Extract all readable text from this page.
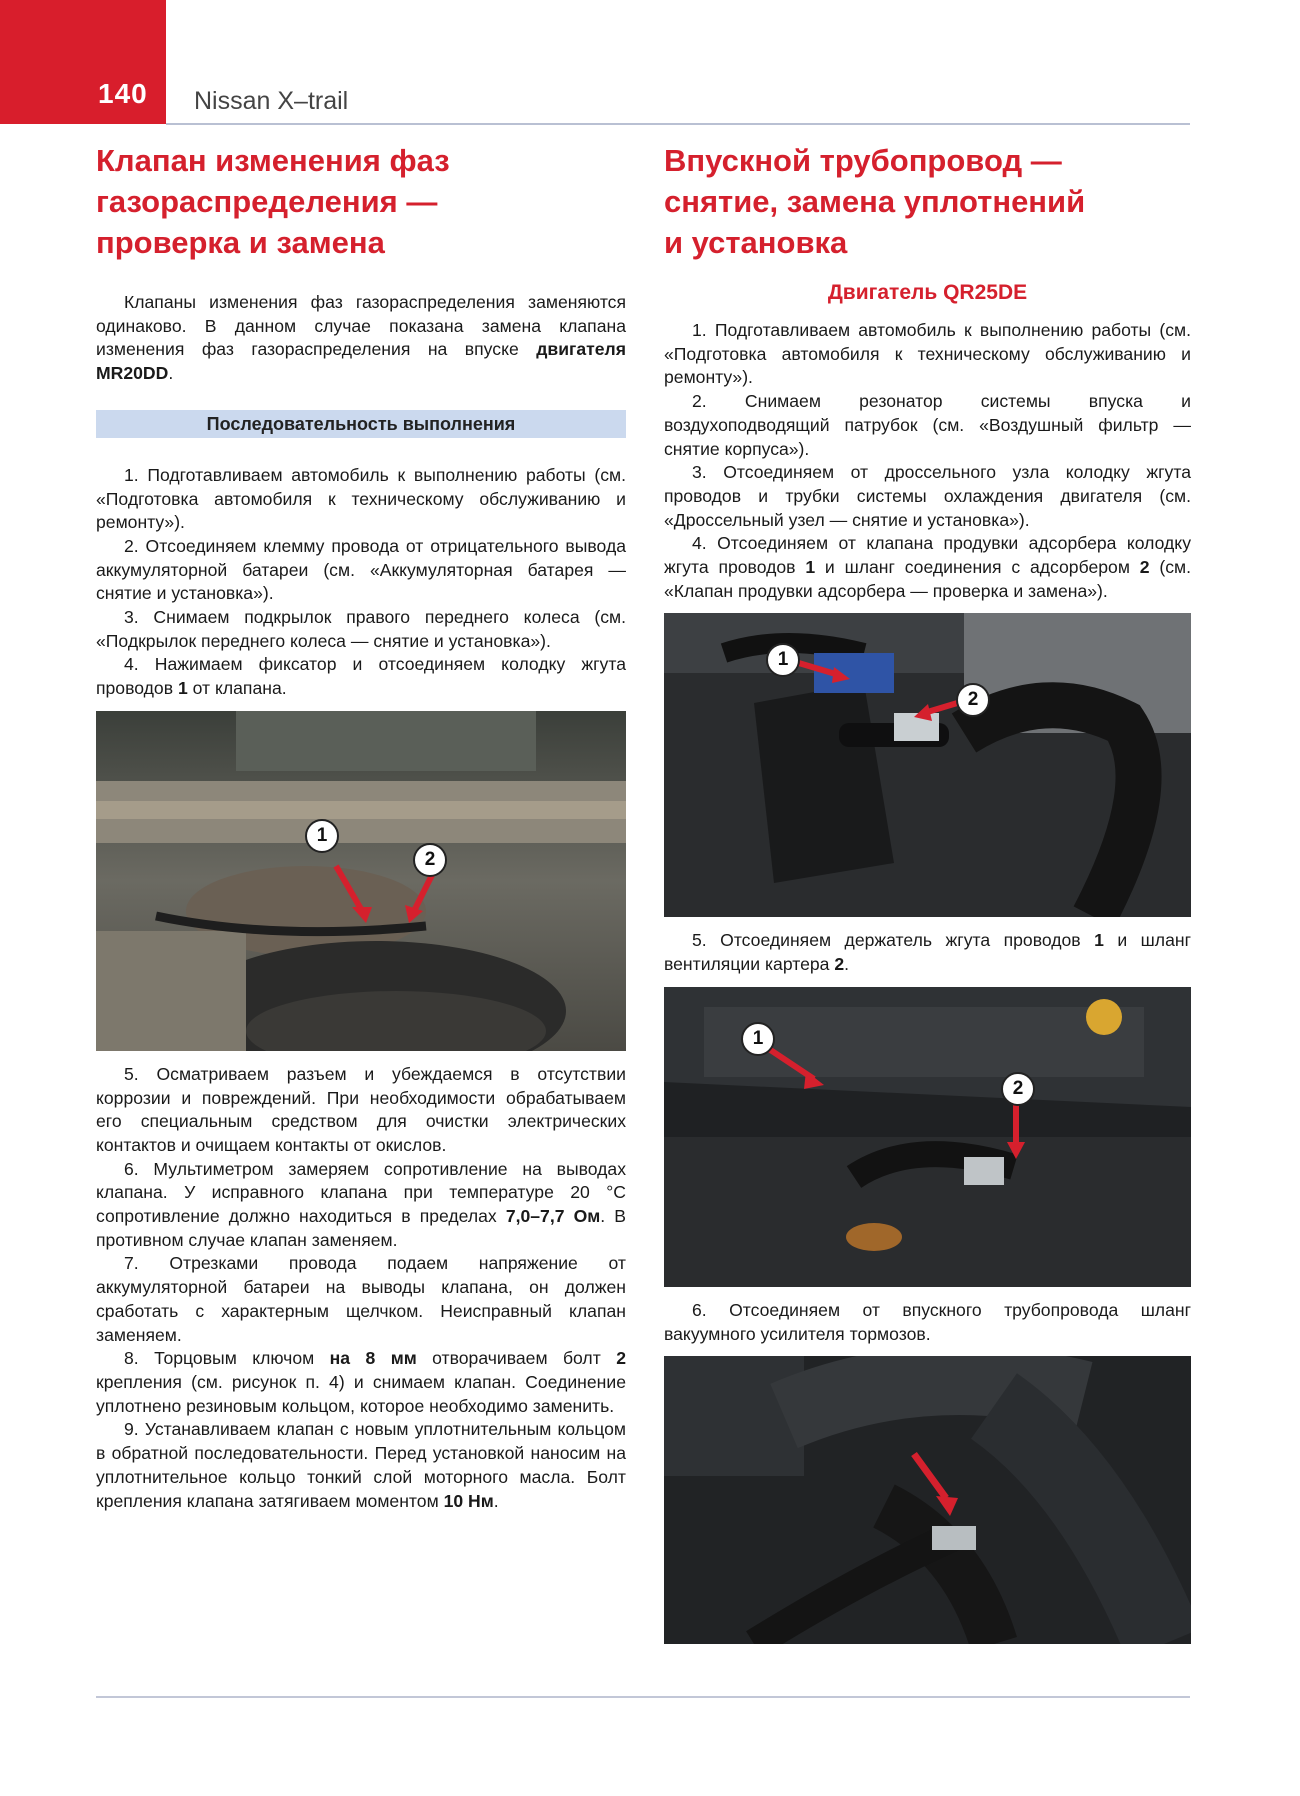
140 Nissan X–trail
Клапан изменения фаз
газораспределения —
проверка и замена

Клапаны изменения фаз газораспределения заменяются одинаково. В данном случае показана замена клапана изменения фаз газораспределения на впуске двигателя MR20DD.

Последовательность выполнения

1. Подготавливаем автомобиль к выполнению работы (см. «Подготовка автомобиля к техническому обслуживанию и ремонту»).

2. Отсоединяем клемму провода от отрицательного вывода аккумуляторной батареи (см. «Аккумуляторная батарея — снятие и установка»).

3. Снимаем подкрылок правого переднего колеса (см. «Подкрылок переднего колеса — снятие и установка»).

4. Нажимаем фиксатор и отсоединяем колодку жгута проводов 1 от клапана.

1
2

5. Осматриваем разъем и убеждаемся в отсутствии коррозии и повреждений. При необходимости обрабатываем его специальным средством для очистки электрических контактов и очищаем контакты от окислов.

6. Мультиметром замеряем сопротивление на выводах клапана. У исправного клапана при температуре 20 °С сопротивление должно находиться в пределах 7,0–7,7 Ом. В противном случае клапан заменяем.

7. Отрезками провода подаем напряжение от аккумуляторной батареи на выводы клапана, он должен сработать с характерным щелчком. Неисправный клапан заменяем.

8. Торцовым ключом на 8 мм отворачиваем болт 2 крепления (см. рисунок п. 4) и снимаем клапан. Соединение уплотнено резиновым кольцом, которое необходимо заменить.

9. Устанавливаем клапан с новым уплотнительным кольцом в обратной последовательности. Перед установкой наносим на уплотнительное кольцо тонкий слой моторного масла. Болт крепления клапана затягиваем моментом 10 Нм.

Впускной трубопровод —
снятие, замена уплотнений
и установка
Двигатель QR25DE

1. Подготавливаем автомобиль к выполнению работы (см. «Подготовка автомобиля к техническому обслуживанию и ремонту»).

2. Снимаем резонатор системы впуска и воздухоподводящий патрубок (см. «Воздушный фильтр — снятие корпуса»).

3. Отсоединяем от дроссельного узла колодку жгута проводов и трубки системы охлаждения двигателя (см. «Дроссельный узел — снятие и установка»).

4. Отсоединяем от клапана продувки адсорбера колодку жгута проводов 1 и шланг соединения с адсорбером 2 (см. «Клапан продувки адсорбера — проверка и замена»).

1
2

5. Отсоединяем держатель жгута проводов 1 и шланг вентиляции картера 2.

1
2

6. Отсоединяем от впускного трубопровода шланг вакуумного усилителя тормозов.
